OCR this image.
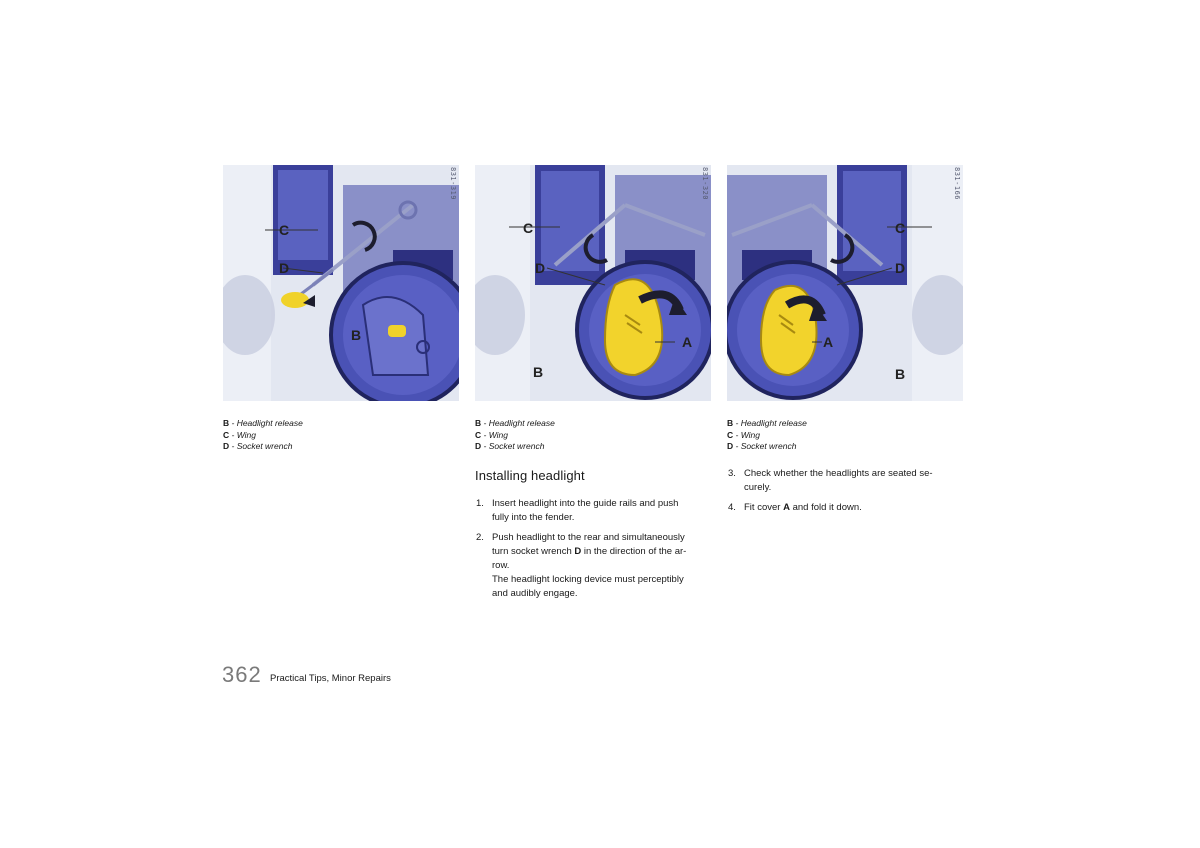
C
D
B
831-319
C
D
A
B
831-320
C
D
A
B
831-166
B - Headlight release
C - Wing
D - Socket wrench
B - Headlight release
C - Wing
D - Socket wrench
B - Headlight release
C - Wing
D - Socket wrench
Installing headlight
1. Insert headlight into the guide rails and push
fully into the fender.
2. Push headlight to the rear and simultaneously
turn socket wrench D in the direction of the ar-
row.
The headlight locking device must perceptibly
and audibly engage.
3. Check whether the headlights are seated se-
curely.
4. Fit cover A and fold it down.
362 Practical Tips, Minor Repairs
